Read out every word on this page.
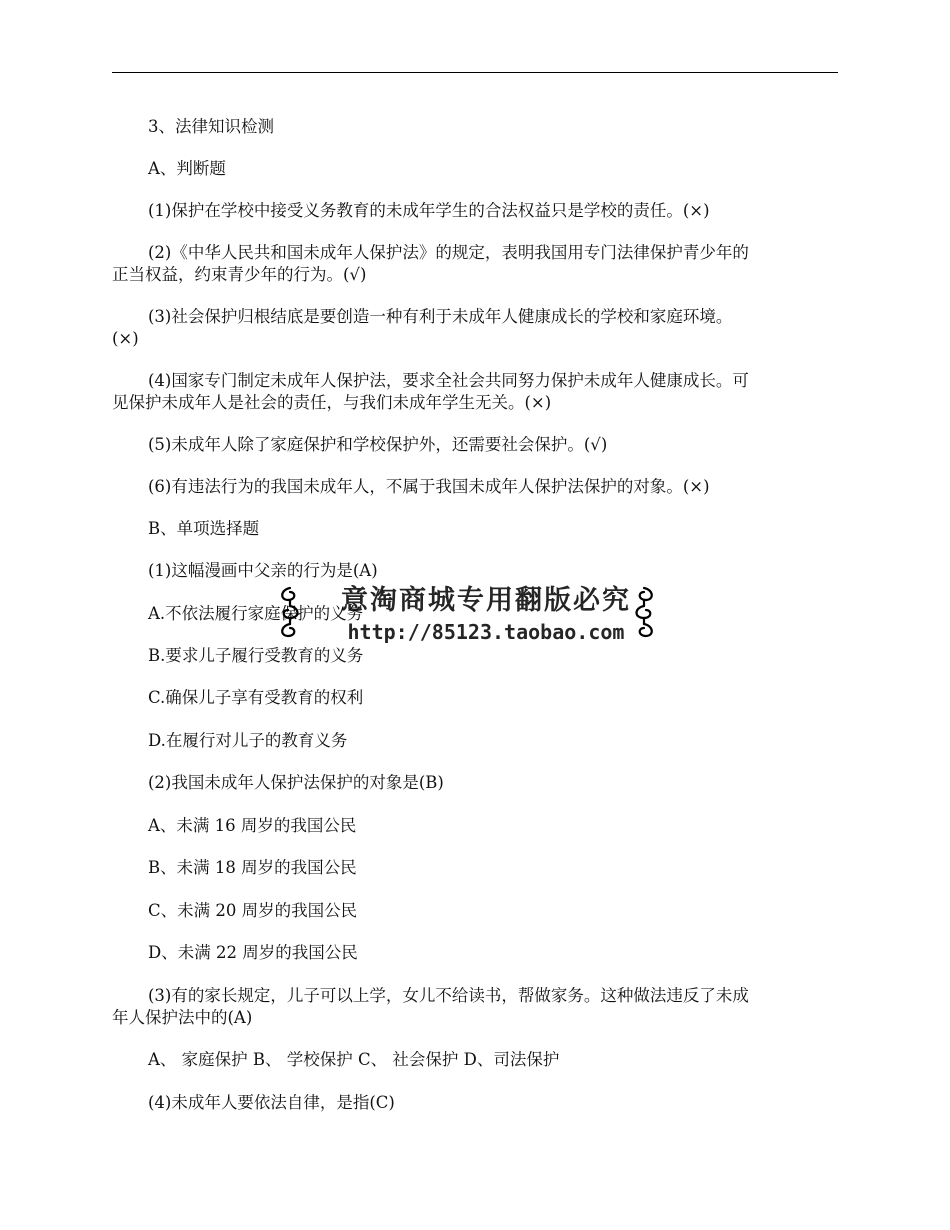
3、法律知识检测
A、判断题
(1)保护在学校中接受义务教育的未成年学生的合法权益只是学校的责任。(×)
(2)《中华人民共和国未成年人保护法》的规定，表明我国用专门法律保护青少年的
正当权益，约束青少年的行为。(√)
(3)社会保护归根结底是要创造一种有利于未成年人健康成长的学校和家庭环境。
(×)
(4)国家专门制定未成年人保护法，要求全社会共同努力保护未成年人健康成长。可
见保护未成年人是社会的责任，与我们未成年学生无关。(×)
(5)未成年人除了家庭保护和学校保护外，还需要社会保护。(√)
(6)有违法行为的我国未成年人，不属于我国未成年人保护法保护的对象。(×)
B、单项选择题
(1)这幅漫画中父亲的行为是(A)
A.不依法履行家庭保护的义务
B.要求儿子履行受教育的义务
C.确保儿子享有受教育的权利
D.在履行对儿子的教育义务
(2)我国未成年人保护法保护的对象是(B)
A、未满 16 周岁的我国公民
B、未满 18 周岁的我国公民
C、未满 20 周岁的我国公民
D、未满 22 周岁的我国公民
(3)有的家长规定，儿子可以上学，女儿不给读书，帮做家务。这种做法违反了未成
年人保护法中的(A)
A、 家庭保护 B、 学校保护 C、 社会保护 D、司法保护
(4)未成年人要依法自律，是指(C)
意淘商城专用翻版必究
http://85123.taobao.com
